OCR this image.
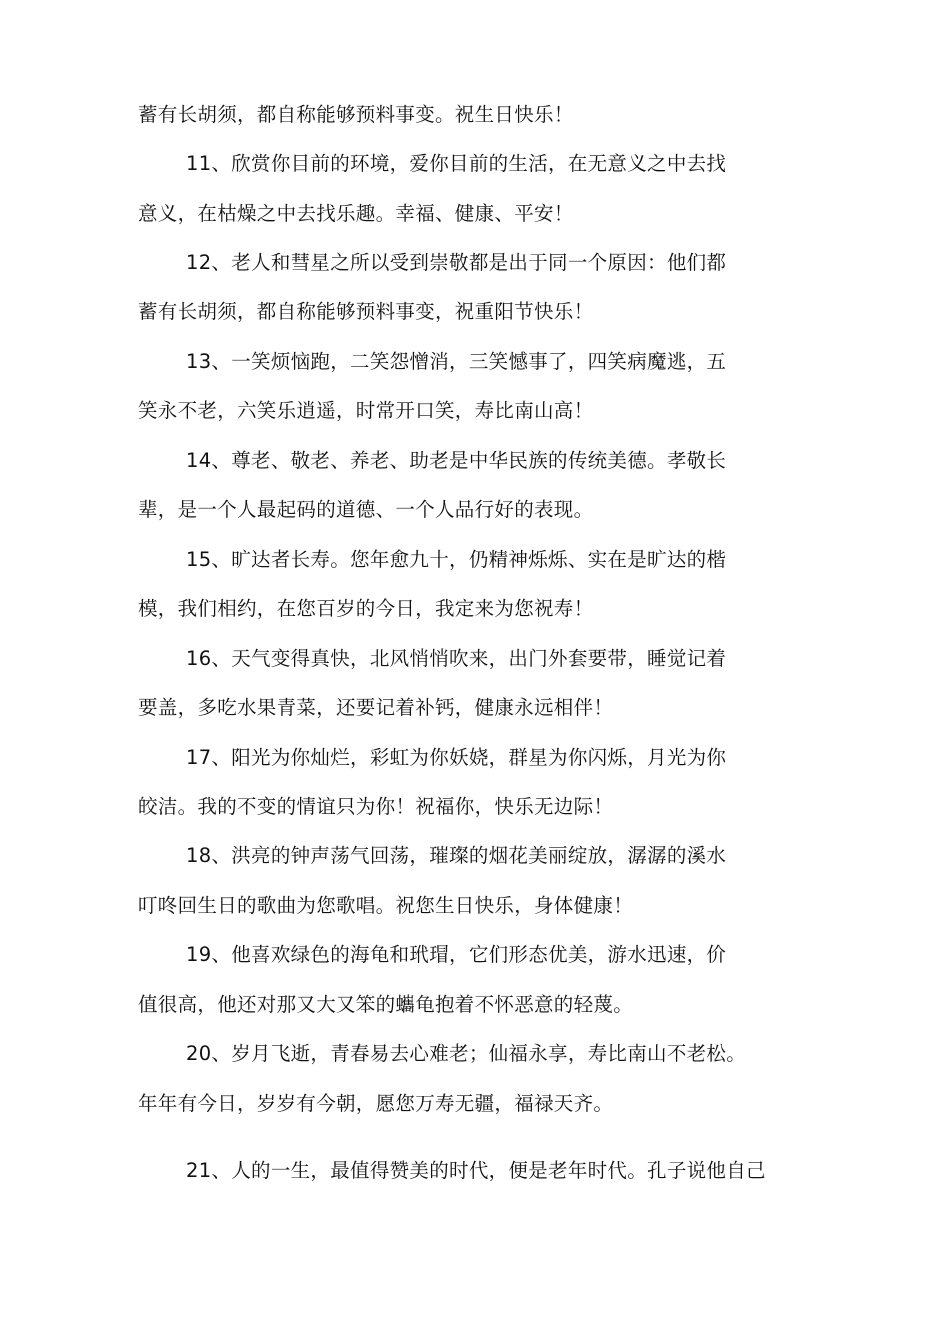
蓄有长胡须，都自称能够预料事变。祝生日快乐！
11、欣赏你目前的环境，爱你目前的生活，在无意义之中去找
意义，在枯燥之中去找乐趣。幸福、健康、平安！
12、老人和彗星之所以受到崇敬都是出于同一个原因：他们都
蓄有长胡须，都自称能够预料事变，祝重阳节快乐！
13、一笑烦恼跑，二笑怨憎消，三笑憾事了，四笑病魔逃，五
笑永不老，六笑乐逍遥，时常开口笑，寿比南山高！
14、尊老、敬老、养老、助老是中华民族的传统美德。孝敬长
辈，是一个人最起码的道德、一个人品行好的表现。
15、旷达者长寿。您年愈九十，仍精神烁烁、实在是旷达的楷
模，我们相约，在您百岁的今日，我定来为您祝寿！
16、天气变得真快，北风悄悄吹来，出门外套要带，睡觉记着
要盖，多吃水果青菜，还要记着补钙，健康永远相伴！
17、阳光为你灿烂，彩虹为你妖娆，群星为你闪烁，月光为你
皎洁。我的不变的情谊只为你！祝福你，快乐无边际！
18、洪亮的钟声荡气回荡，璀璨的烟花美丽绽放，潺潺的溪水
叮咚回生日的歌曲为您歌唱。祝您生日快乐，身体健康！
19、他喜欢绿色的海龟和玳瑁，它们形态优美，游水迅速，价
值很高，他还对那又大又笨的蠵龟抱着不怀恶意的轻蔑。
20、岁月飞逝，青春易去心难老；仙福永享，寿比南山不老松。
年年有今日，岁岁有今朝，愿您万寿无疆，福禄天齐。
21、人的一生，最值得赞美的时代，便是老年时代。孔子说他自己
